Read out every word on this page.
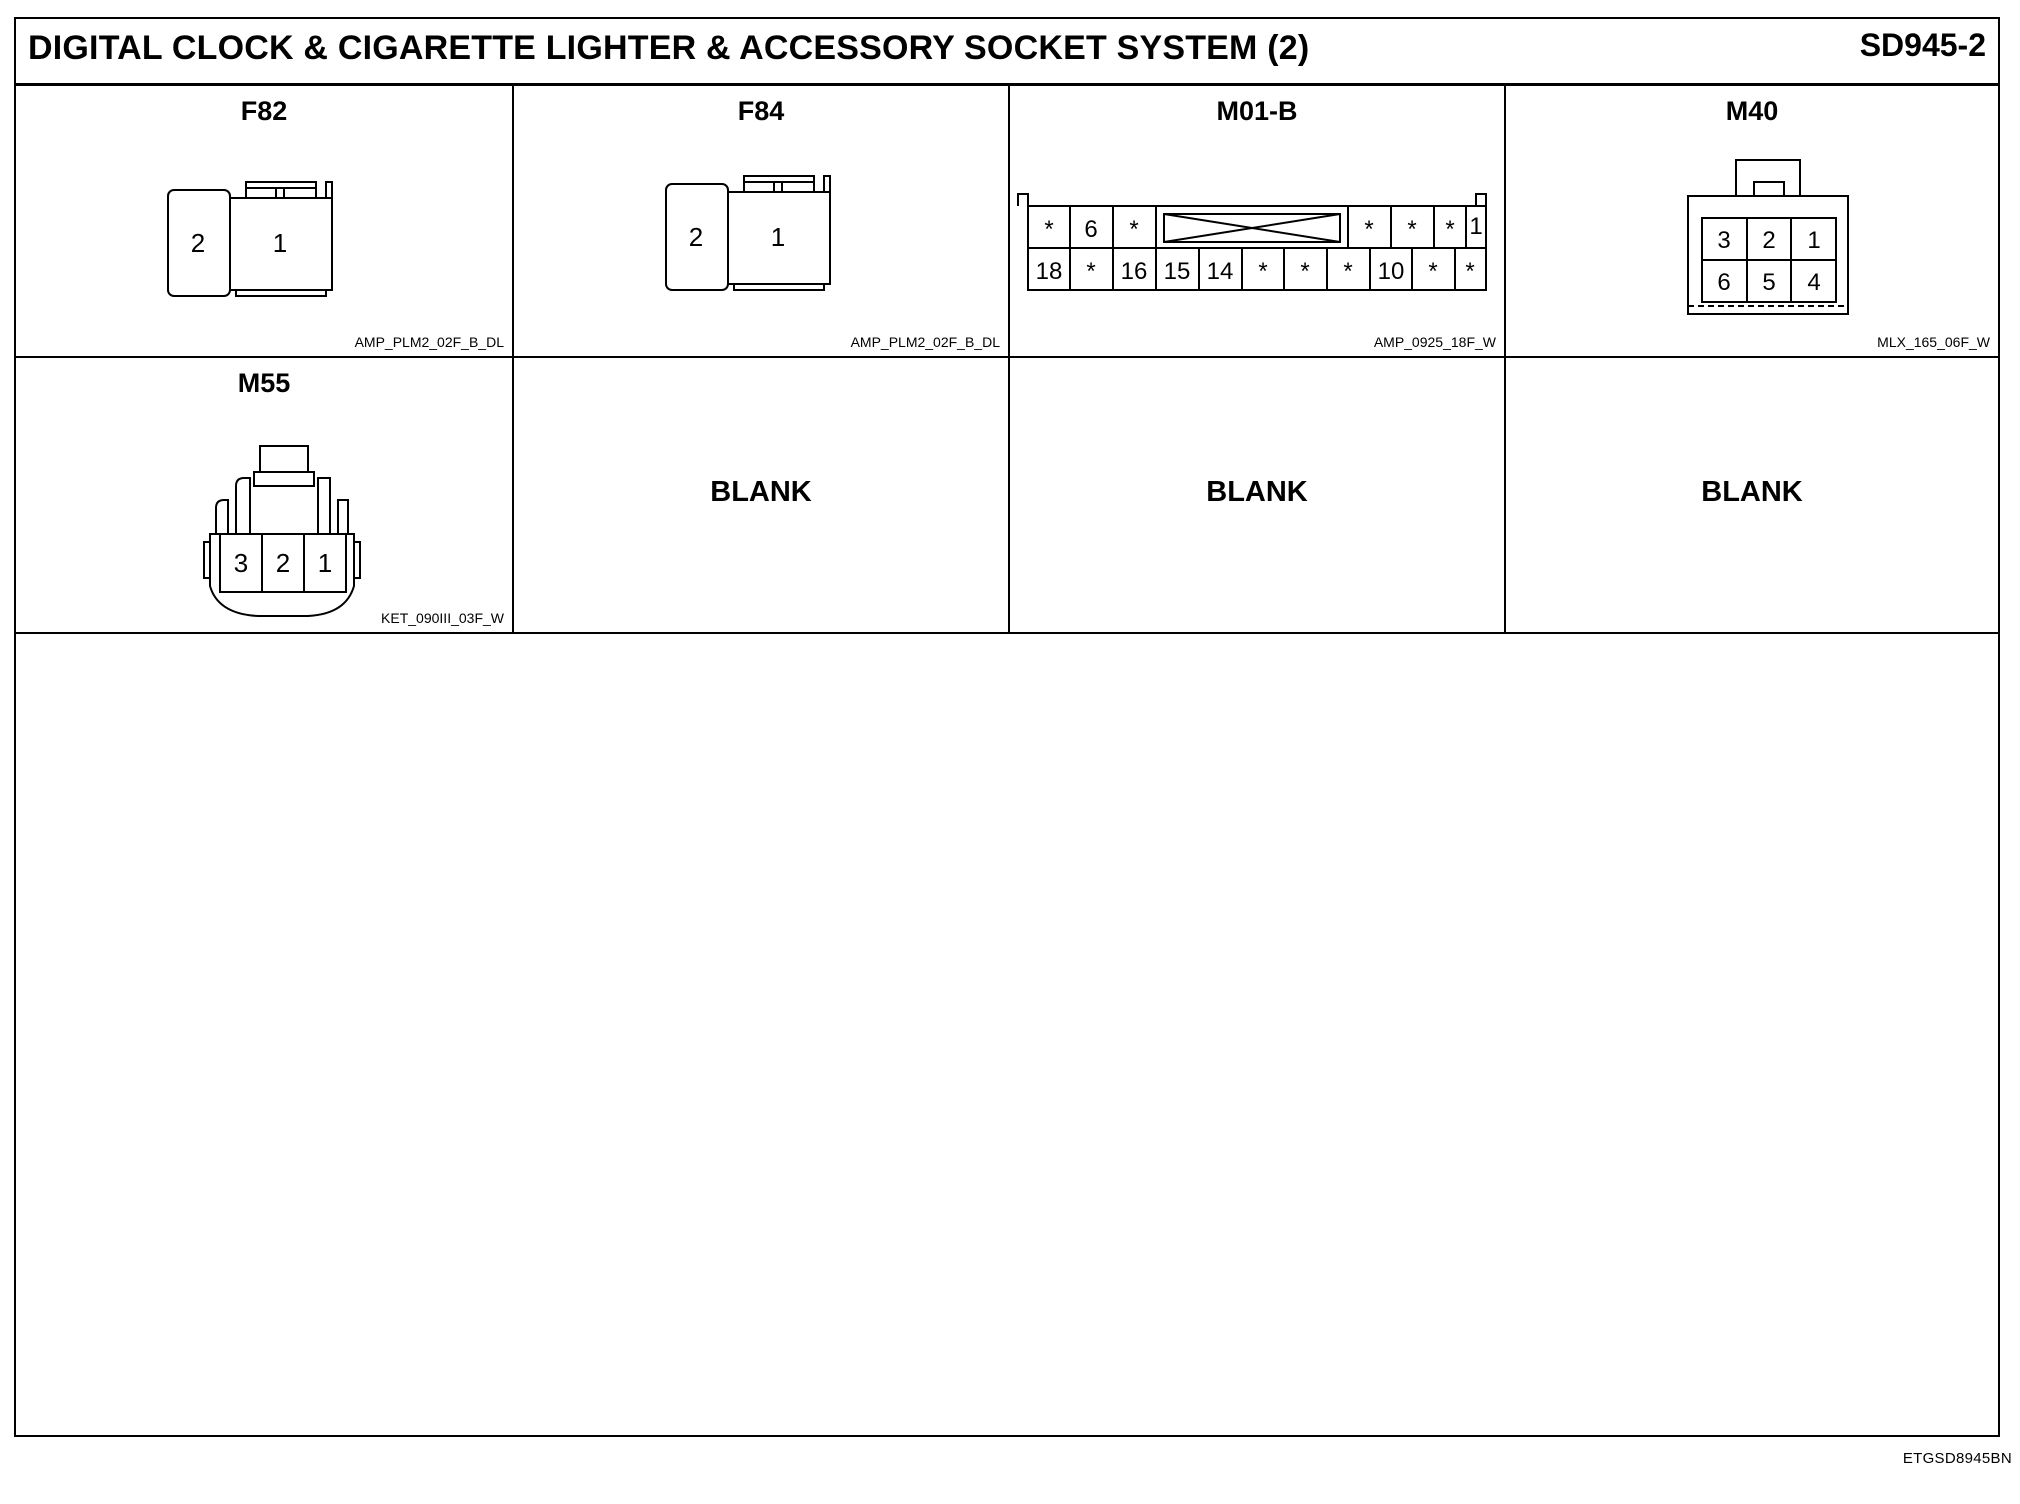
DIGITAL CLOCK & CIGARETTE LIGHTER & ACCESSORY SOCKET SYSTEM (2)	SD945-2
F82
2	1
AMP_PLM2_02F_B_DL
F84
2	1
AMP_PLM2_02F_B_DL
M01-B
* 6 *	* * * 1
18 * 16 15 14 * * * 10 * *
AMP_0925_18F_W
M40
3 2 1
6 5 4
MLX_165_06F_W
M55
3 2 1
KET_090III_03F_W
BLANK	BLANK	BLANK
ETGSD8945BN
